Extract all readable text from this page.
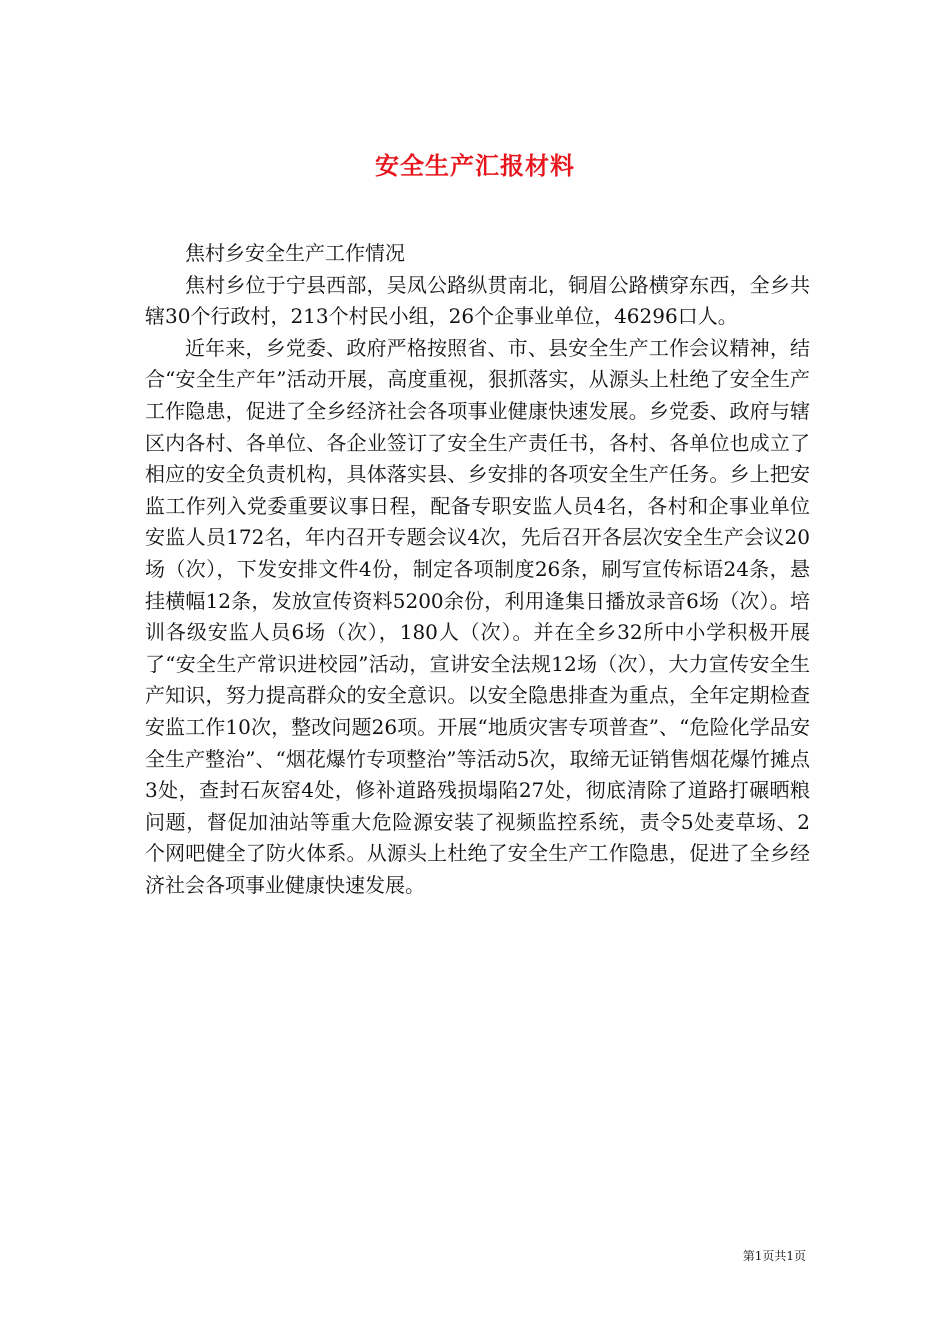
安全生产汇报材料

焦村乡安全生产工作情况

焦村乡位于宁县西部，吴凤公路纵贯南北，铜眉公路横穿东西，全乡共辖30个行政村，213个村民小组，26个企事业单位，46296口人。

近年来，乡党委、政府严格按照省、市、县安全生产工作会议精神，结合“安全生产年”活动开展，高度重视，狠抓落实，从源头上杜绝了安全生产工作隐患，促进了全乡经济社会各项事业健康快速发展。乡党委、政府与辖区内各村、各单位、各企业签订了安全生产责任书，各村、各单位也成立了相应的安全负责机构，具体落实县、乡安排的各项安全生产任务。乡上把安监工作列入党委重要议事日程，配备专职安监人员4名，各村和企事业单位安监人员172名，年内召开专题会议4次，先后召开各层次安全生产会议20场（次），下发安排文件4份，制定各项制度26条，刷写宣传标语24条，悬挂横幅12条，发放宣传资料5200余份，利用逢集日播放录音6场（次）。培训各级安监人员6场（次），180人（次）。并在全乡32所中小学积极开展了“安全生产常识进校园”活动，宣讲安全法规12场（次），大力宣传安全生产知识，努力提高群众的安全意识。以安全隐患排查为重点，全年定期检查安监工作10次，整改问题26项。开展“地质灾害专项普查”、“危险化学品安全生产整治”、“烟花爆竹专项整治”等活动5次，取缔无证销售烟花爆竹摊点3处，查封石灰窑4处，修补道路残损塌陷27处，彻底清除了道路打碾晒粮问题，督促加油站等重大危险源安装了视频监控系统，责令5处麦草场、2个网吧健全了防火体系。从源头上杜绝了安全生产工作隐患，促进了全乡经济社会各项事业健康快速发展。

第1页共1页
